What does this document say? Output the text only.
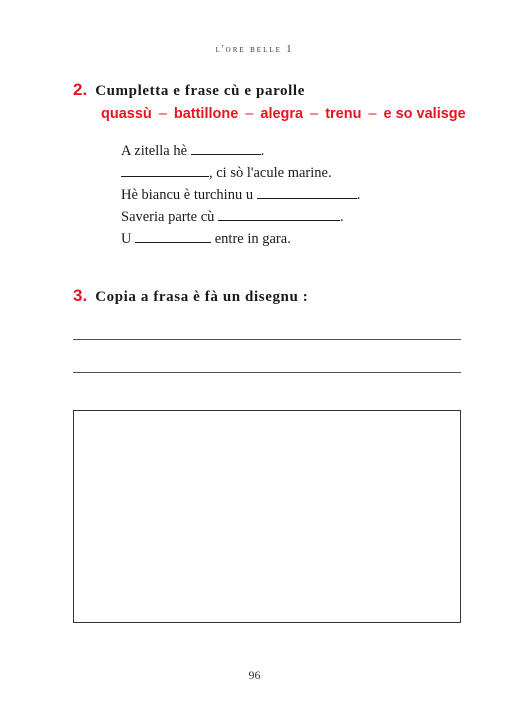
l'ore belle 1
2. Cumpletta e frase cù e parolle
quassù – battillone – alegra – trenu – e so valisge
A zitella hè	.
, ci sò l'acule marine.
Hè biancu è turchinu u	.
Saveria parte cù	.
U	entre in gara.
3. Copia a frasa è fà un disegnu :
96
